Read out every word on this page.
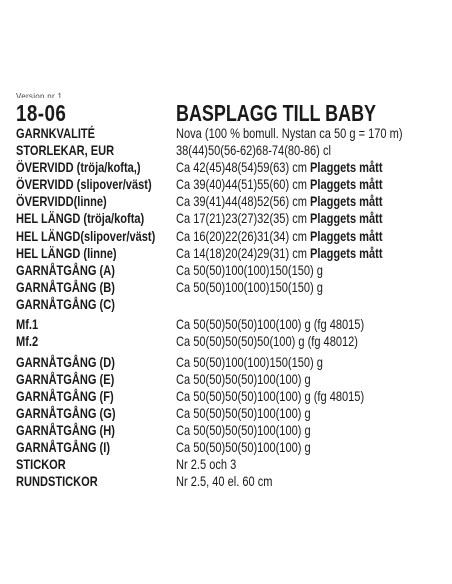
Version nr 1
18-06	BASPLAGG TILL BABY
GARNKVALITÉ	Nova (100 % bomull. Nystan ca 50 g = 170 m)
STORLEKAR, EUR	38(44)50(56-62)68-74(80-86) cl
ÖVERVIDD (tröja/kofta,)	Ca 42(45)48(54)59(63) cm Plaggets mått
ÖVERVIDD (slipover/väst) Ca 39(40)44(51)55(60) cm Plaggets mått
ÖVERVIDD(linne)	Ca 39(41)44(48)52(56) cm Plaggets mått
HEL LÄNGD (tröja/kofta) Ca 17(21)23(27)32(35) cm Plaggets mått
HEL LÄNGD(slipover/väst) Ca 16(20)22(26)31(34) cm Plaggets mått
HEL LÄNGD (linne)	Ca 14(18)20(24)29(31) cm Plaggets mått
GARNÅTGÅNG (A)	Ca 50(50)100(100)150(150) g
GARNÅTGÅNG (B)	Ca 50(50)100(100)150(150) g
GARNÅTGÅNG (C)
Mf.1	Ca 50(50)50(50)100(100) g (fg 48015)
Mf.2	Ca 50(50)50(50)50(100) g (fg 48012)
GARNÅTGÅNG (D)	Ca 50(50)100(100)150(150) g
GARNÅTGÅNG (E)	Ca 50(50)50(50)100(100) g
GARNÅTGÅNG (F)	Ca 50(50)50(50)100(100) g (fg 48015)
GARNÅTGÅNG (G)	Ca 50(50)50(50)100(100) g
GARNÅTGÅNG (H)	Ca 50(50)50(50)100(100) g
GARNÅTGÅNG (I)	Ca 50(50)50(50)100(100) g
STICKOR	Nr 2.5 och 3
RUNDSTICKOR	Nr 2.5, 40 el. 60 cm
